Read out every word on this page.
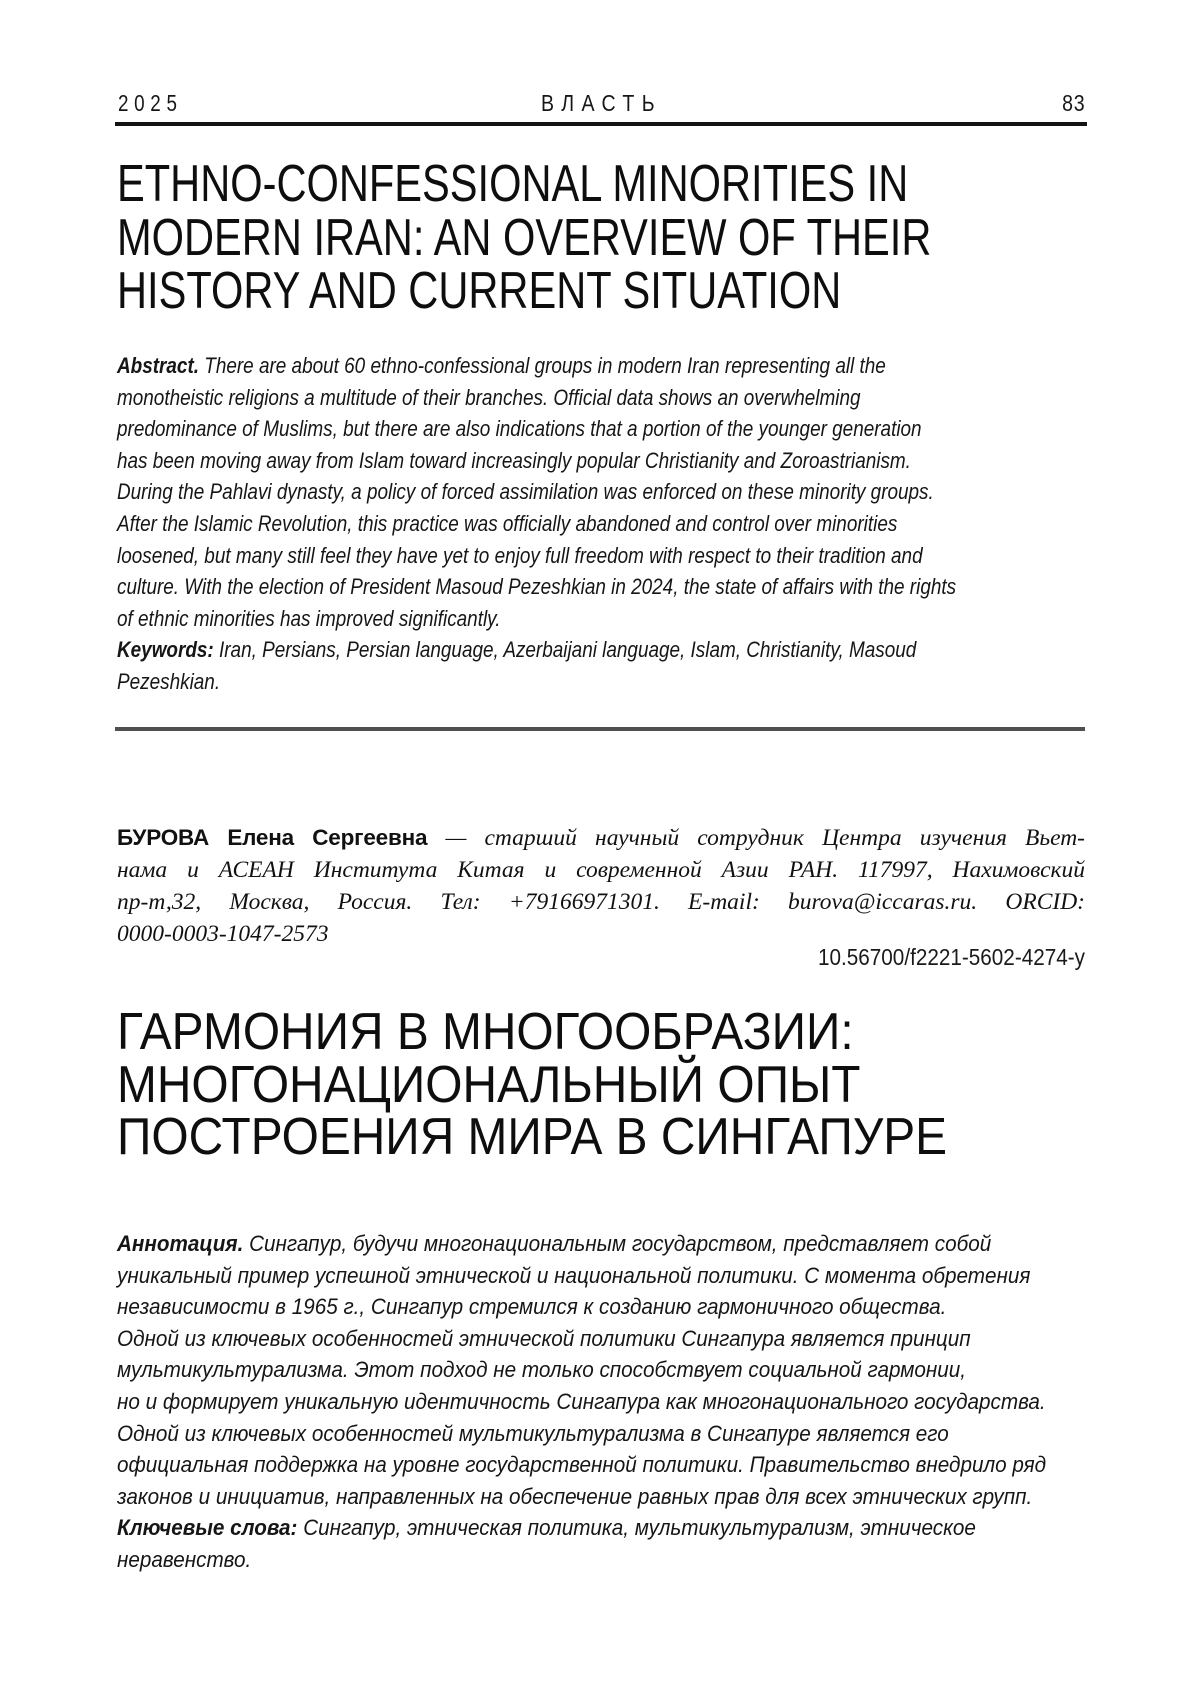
2025	ВЛАСТЬ	83
ETHNO-CONFESSIONAL MINORITIES IN
MODERN IRAN: AN OVERVIEW OF THEIR
HISTORY AND CURRENT SITUATION
Abstract. There are about 60 ethno-confessional groups in modern Iran representing all the
monotheistic religions a multitude of their branches. Official data shows an overwhelming
predominance of Muslims, but there are also indications that a portion of the younger generation
has been moving away from Islam toward increasingly popular Christianity and Zoroastrianism.
During the Pahlavi dynasty, a policy of forced assimilation was enforced on these minority groups.
After the Islamic Revolution, this practice was officially abandoned and control over minorities
loosened, but many still feel they have yet to enjoy full freedom with respect to their tradition and
culture. With the election of President Masoud Pezeshkian in 2024, the state of affairs with the rights
of ethnic minorities has improved significantly.
Keywords: Iran, Persians, Persian language, Azerbaijani language, Islam, Christianity, Masoud
Pezeshkian.
БУРОВА Елена Сергеевна — старший научный сотрудник Центра изучения Вьет-
нама и АСЕАН Института Китая и современной Азии РАН. 117997, Нахимовский
пр-т,32, Москва, Россия. Тел: +79166971301. E-mail: burova@iccaras.ru. ORCID:
0000-0003-1047-2573
10.56700/f2221-5602-4274-y
ГАРМОНИЯ В МНОГООБРАЗИИ:
МНОГОНАЦИОНАЛЬНЫЙ ОПЫТ
ПОСТРОЕНИЯ МИРА В СИНГАПУРЕ
Аннотация. Сингапур, будучи многонациональным государством, представляет собой
уникальный пример успешной этнической и национальной политики. С момента обретения
независимости в 1965 г., Сингапур стремился к созданию гармоничного общества.
Одной из ключевых особенностей этнической политики Сингапура является принцип
мультикультурализма. Этот подход не только способствует социальной гармонии,
но и формирует уникальную идентичность Сингапура как многонационального государства.
Одной из ключевых особенностей мультикультурализма в Сингапуре является его
официальная поддержка на уровне государственной политики. Правительство внедрило ряд
законов и инициатив, направленных на обеспечение равных прав для всех этнических групп.
Ключевые слова: Сингапур, этническая политика, мультикультурализм, этническое
неравенство.
